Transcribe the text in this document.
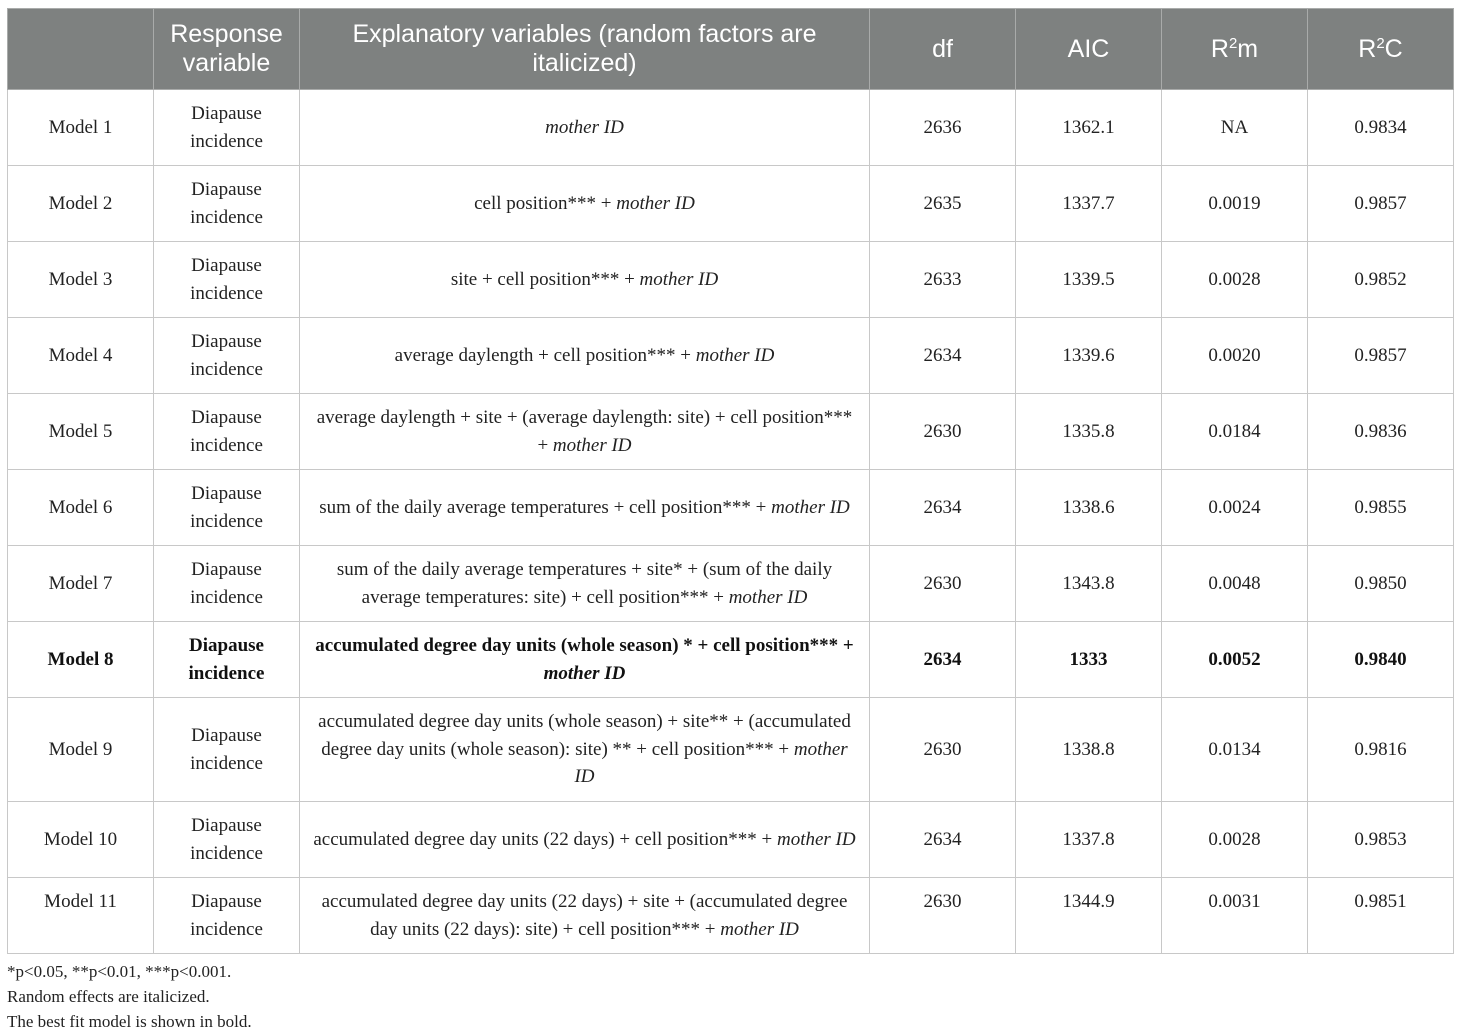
	Response variable	Explanatory variables (random factors are italicized)	df	AIC	$R^2m$	$R^2C$
Model 1	Diapause incidence	mother ID	2636	1362.1	NA	0.9834
Model 2	Diapause incidence	cell position*** + mother ID	2635	1337.7	0.0019	0.9857
Model 3	Diapause incidence	site + cell position*** + mother ID	2633	1339.5	0.0028	0.9852
Model 4	Diapause incidence	average daylength + cell position*** + mother ID	2634	1339.6	0.0020	0.9857
Model 5	Diapause incidence	average daylength + site + (average daylength: site) + cell position*** + mother ID	2630	1335.8	0.0184	0.9836
Model 6	Diapause incidence	sum of the daily average temperatures + cell position*** + mother ID	2634	1338.6	0.0024	0.9855
Model 7	Diapause incidence	sum of the daily average temperatures + site* + (sum of the daily average temperatures: site) + cell position*** + mother ID	2630	1343.8	0.0048	0.9850
Model 8	Diapause incidence	accumulated degree day units (whole season) * + cell position*** + mother ID	2634	1333	0.0052	0.9840
Model 9	Diapause incidence	accumulated degree day units (whole season) + site** + (accumulated degree day units (whole season): site) ** + cell position*** + mother ID	2630	1338.8	0.0134	0.9816
Model 10	Diapause incidence	accumulated degree day units (22 days) + cell position*** + mother ID	2634	1337.8	0.0028	0.9853
Model 11	Diapause incidence	accumulated degree day units (22 days) + site + (accumulated degree day units (22 days): site) + cell position*** + mother ID	2630	1344.9	0.0031	0.9851
*p<0.05, **p<0.01, ***p<0.001.
Random effects are italicized.
The best fit model is shown in bold.
